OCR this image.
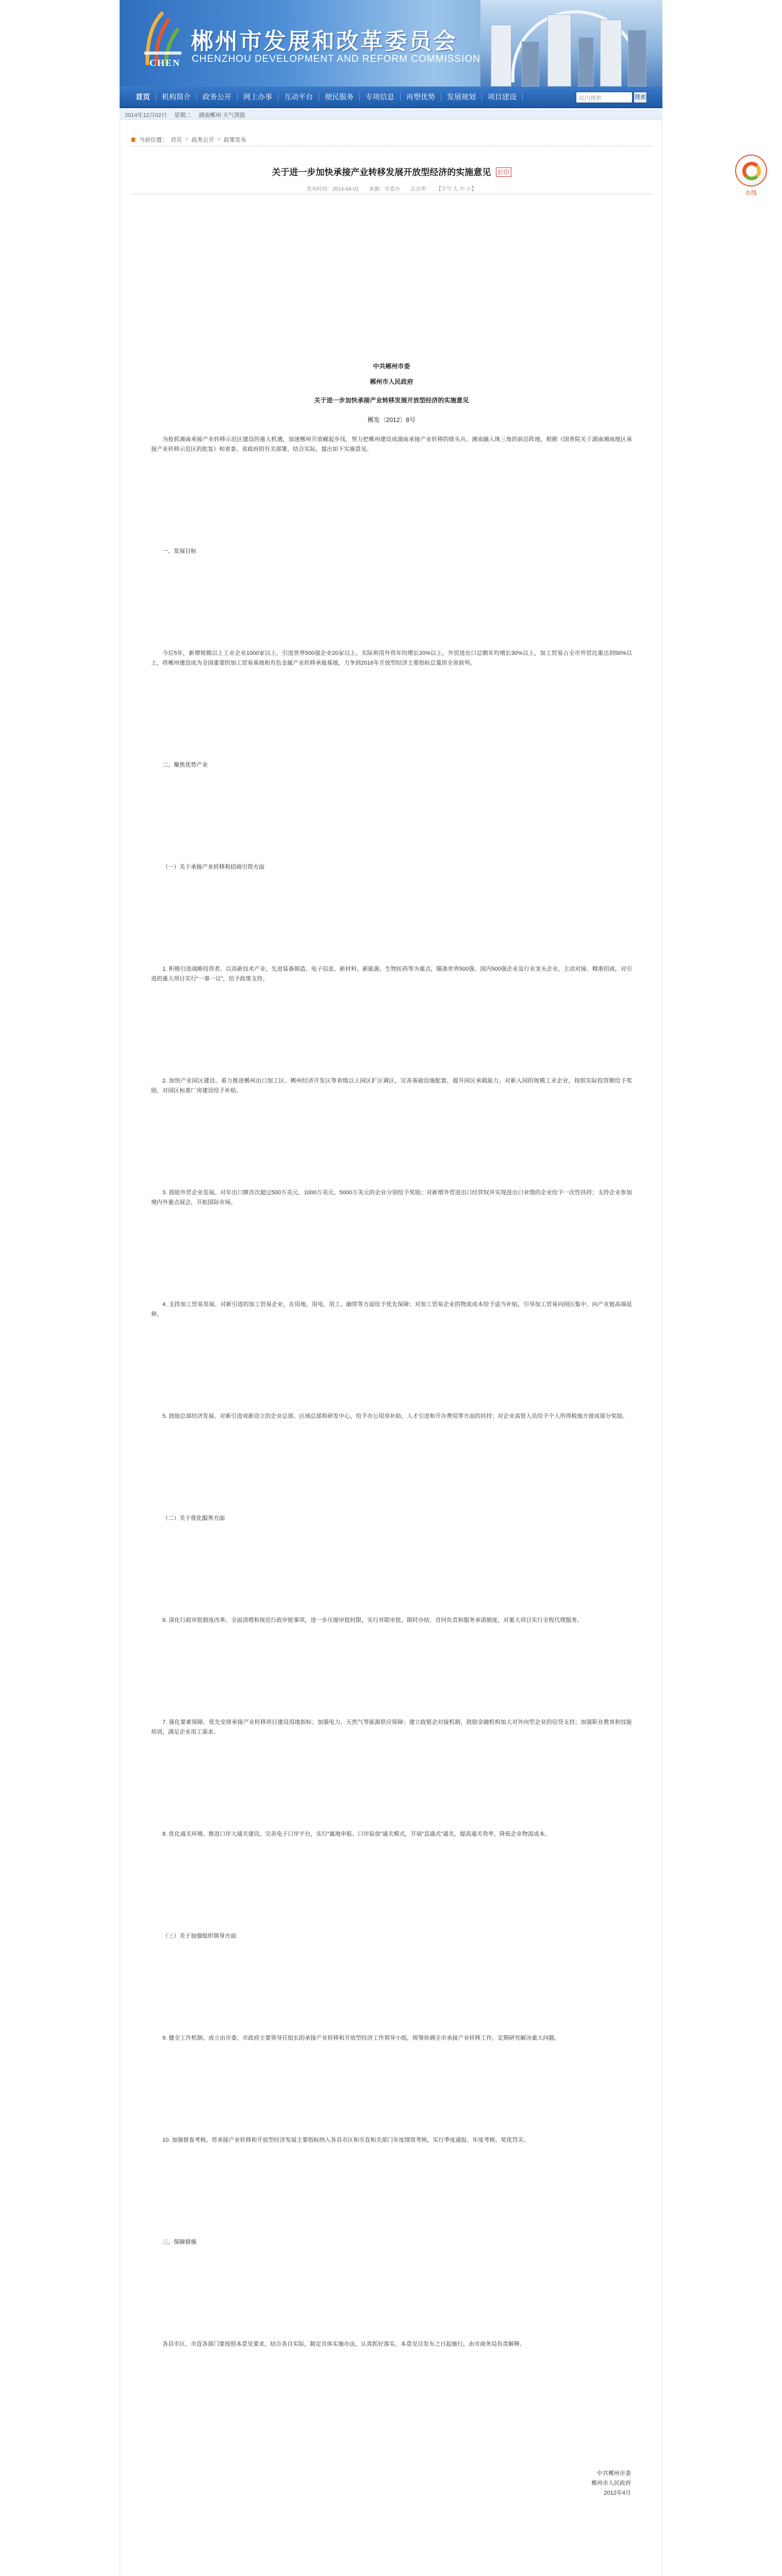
CHEN
郴州市发展和改革委员会
CHENZHOU DEVELOPMENT AND REFORM COMMISSION
首页	机构简介	政务公开	网上办事	互动平台	便民服务	专项信息	再塑优势	发展规划	项目建设	站内搜索	搜索
2014年12月02日 星期二 湖南郴州 天气预报
在线
当前位置： 首页 > 政务公开 > 政策发布
关于进一步加快承接产业转移发展开放型经济的实施意见 打印
发布时间：2014-04-01　　来源：市委办　　点击率：　　【字号 大 中 小】
中共郴州市委
郴州市人民政府
关于进一步加快承接产业转移发展开放型经济的实施意见
郴发〔2012〕8号

为抢抓湘南承接产业转移示范区建设的重大机遇，加速郴州开放崛起步伐，努力把郴州建设成湖南承接产业转移的排头兵、湘南融入珠三角的前沿阵地，根据《国务院关于湖南湘南地区承接产业转移示范区的批复》和省委、省政府的有关部署，结合实际，提出如下实施意见。

一、发展目标

今后5年，新增规模以上工业企业1000家以上，引进世界500强企业20家以上，实际利用外资年均增长20%以上，外贸进出口总额年均增长30%以上，加工贸易占全市外贸比重达到50%以上，将郴州建设成为全国重要的加工贸易基地和有色金属产业转移承接基地，力争到2016年开放型经济主要指标总量居全省前列。

二、聚焦优势产业

（一）关于承接产业转移和招商引资方面

1. 积极引进战略投资者。以高新技术产业、先进装备制造、电子信息、新材料、新能源、生物医药等为重点，瞄准世界500强、国内500强企业及行业龙头企业，主动对接、精准招商，对引进的重大项目实行“一事一议”，给予政策支持。

2. 加快产业园区建设。着力推进郴州出口加工区、郴州经济开发区等省级以上园区扩区调区，完善基础设施配套，提升园区承载能力。对新入园的规模工业企业，按照实际投资额给予奖励，对园区标准厂房建设给予补贴。

3. 鼓励外贸企业发展。对年出口额首次超过500万美元、1000万美元、5000万美元的企业分别给予奖励；对新增外贸进出口经营权并实现进出口业绩的企业给予一次性扶持；支持企业参加境内外重点展会，开拓国际市场。

4. 支持加工贸易发展。对新引进的加工贸易企业，在用地、用电、用工、融资等方面给予优先保障；对加工贸易企业的物流成本给予适当补贴，引导加工贸易向园区集中、向产业链高端延伸。

5. 鼓励总部经济发展。对新引进或新设立的企业总部、区域总部和研发中心，给予办公用房补助、人才引进和开办费用等方面的扶持；对企业高管人员给予个人所得税地方留成部分奖励。

（二）关于优化服务方面

6. 深化行政审批制度改革。全面清理和规范行政审批事项，进一步压缩审批时限，实行并联审批、限时办结、首问负责和服务承诺制度，对重大项目实行全程代理服务。

7. 强化要素保障。优先安排承接产业转移项目建设用地指标；加强电力、天然气等能源供应保障；建立政银企对接机制，鼓励金融机构加大对外向型企业的信贷支持；加强职业教育和技能培训，满足企业用工需求。

8. 优化通关环境。推进口岸大通关建设，完善电子口岸平台，实行“属地申报、口岸验放”通关模式，开展“直通式”通关，提高通关效率，降低企业物流成本。

（三）关于加强组织领导方面

9. 健全工作机制。成立由市委、市政府主要领导任组长的承接产业转移和开放型经济工作领导小组，统筹协调全市承接产业转移工作，定期研究解决重大问题。

10. 加强督查考核。将承接产业转移和开放型经济发展主要指标纳入各县市区和市直相关部门年度绩效考核，实行季度通报、年度考核、奖优罚劣。

三、保障措施

各县市区、市直各部门要按照本意见要求，结合各自实际，制定具体实施办法，认真抓好落实。本意见自发布之日起施行，由市商务局负责解释。

中共郴州市委
郴州市人民政府
2012年4月
